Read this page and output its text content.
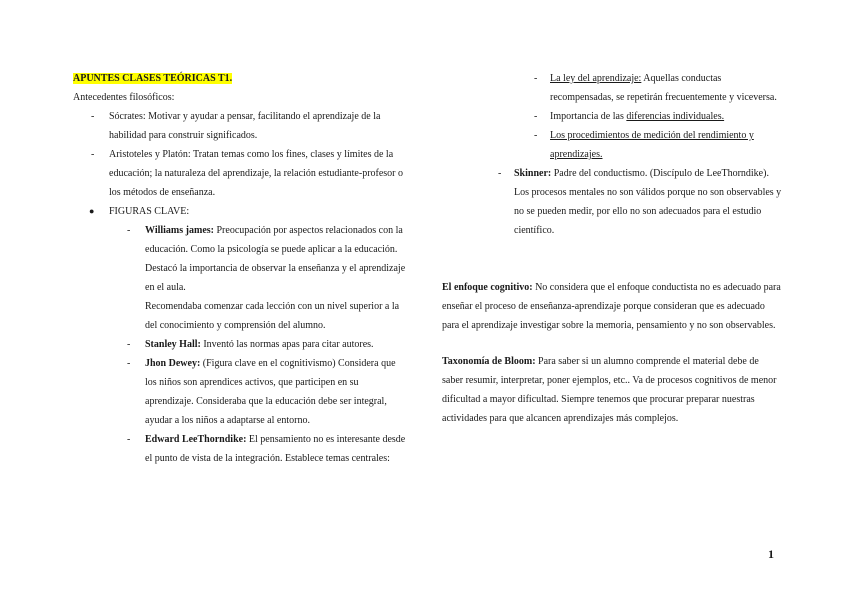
APUNTES CLASES TEÓRICAS T1.

Antecedentes filosóficos:

- Sócrates: Motivar y ayudar a pensar, facilitando el aprendizaje de la habilidad para construir significados.
- Aristoteles y Platón: Tratan temas como los fines, clases y límites de la educación; la naturaleza del aprendizaje, la relación estudiante-profesor o los métodos de enseñanza.
● FIGURAS CLAVE:
- Williams james: Preocupación por aspectos relacionados con la educación. Como la psicología se puede aplicar a la educación. Destacó la importancia de observar la enseñanza y el aprendizaje en el aula.
Recomendaba comenzar cada lección con un nivel superior a la del conocimiento y comprensión del alumno.
- Stanley Hall: Inventó las normas apas para citar autores.
- Jhon Dewey: (Figura clave en el cognitivismo) Considera que los niños son aprendices activos, que participen en su aprendizaje. Consideraba que la educación debe ser integral, ayudar a los niños a adaptarse al entorno.
- Edward LeeThorndike: El pensamiento no es interesante desde el punto de vista de la integración. Establece temas centrales:
- La ley del aprendizaje: Aquellas conductas recompensadas, se repetirán frecuentemente y viceversa.
- Importancia de las diferencias individuales.
- Los procedimientos de medición del rendimiento y aprendizajes.
- Skinner: Padre del conductismo. (Discípulo de LeeThorndike). Los procesos mentales no son válidos porque no son observables y no se pueden medir, por ello no son adecuados para el estudio científico.

El enfoque cognitivo: No considera que el enfoque conductista no es adecuado para enseñar el proceso de enseñanza-aprendizaje porque consideran que es adecuado para el aprendizaje investigar sobre la memoria, pensamiento y no son observables.

Taxonomía de Bloom: Para saber si un alumno comprende el material debe de saber resumir, interpretar, poner ejemplos, etc.. Va de procesos cognitivos de menor dificultad a mayor dificultad. Siempre tenemos que procurar preparar nuestras actividades para que alcancen aprendizajes más complejos.

1
